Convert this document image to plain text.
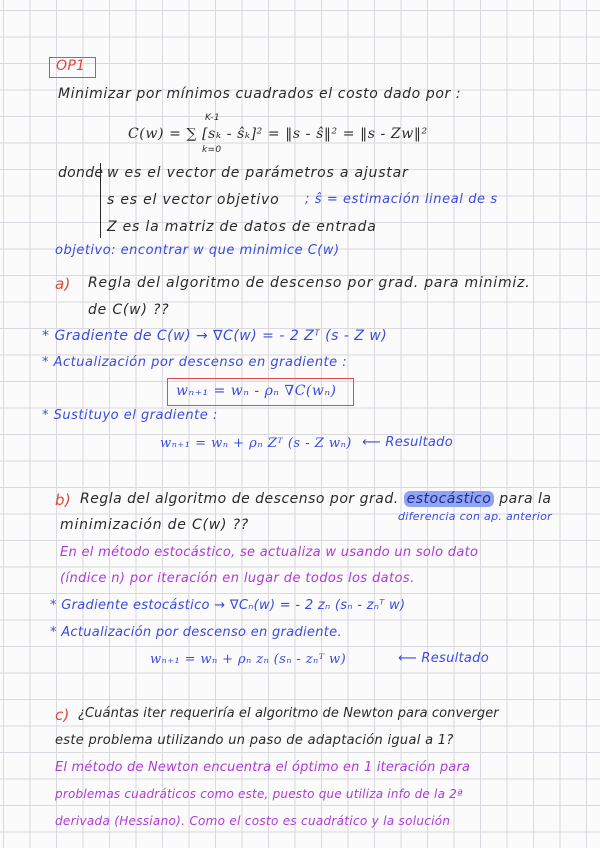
OP1
Minimizar por mínimos cuadrados el costo dado por :
K-1
C(w) = ∑ [sₖ - ŝₖ]² = ‖s - ŝ‖² = ‖s - Zw‖²
k=0
donde w es el vector de parámetros a ajustar
s es el vector objetivo ; ŝ = estimación lineal de s
Z es la matriz de datos de entrada
objetivo: encontrar w que minimice C(w)
a) Regla del algoritmo de descenso por grad. para minimiz.
de C(w) ??
* Gradiente de C(w) → ∇C(w) = - 2 Zᵀ (s - Z w)
* Actualización por descenso en gradiente :
wₙ₊₁ = wₙ - ρₙ ∇C(wₙ)
* Sustituyo el gradiente :
wₙ₊₁ = wₙ + ρₙ Zᵀ (s - Z wₙ) ⟵ Resultado
b) Regla del algoritmo de descenso por grad. estocástico para la
diferencia con ap. anterior
minimización de C(w) ??
En el método estocástico, se actualiza w usando un solo dato
(índice n) por iteración en lugar de todos los datos.
* Gradiente estocástico → ∇Cₙ(w) = - 2 zₙ (sₙ - zₙᵀ w)
* Actualización por descenso en gradiente.
wₙ₊₁ = wₙ + ρₙ zₙ (sₙ - zₙᵀ w)	⟵ Resultado
c) ¿Cuántas iter requeriría el algoritmo de Newton para converger
este problema utilizando un paso de adaptación igual a 1?
El método de Newton encuentra el óptimo en 1 iteración para
problemas cuadráticos como este, puesto que utiliza info de la 2ª
derivada (Hessiano). Como el costo es cuadrático y la solución
